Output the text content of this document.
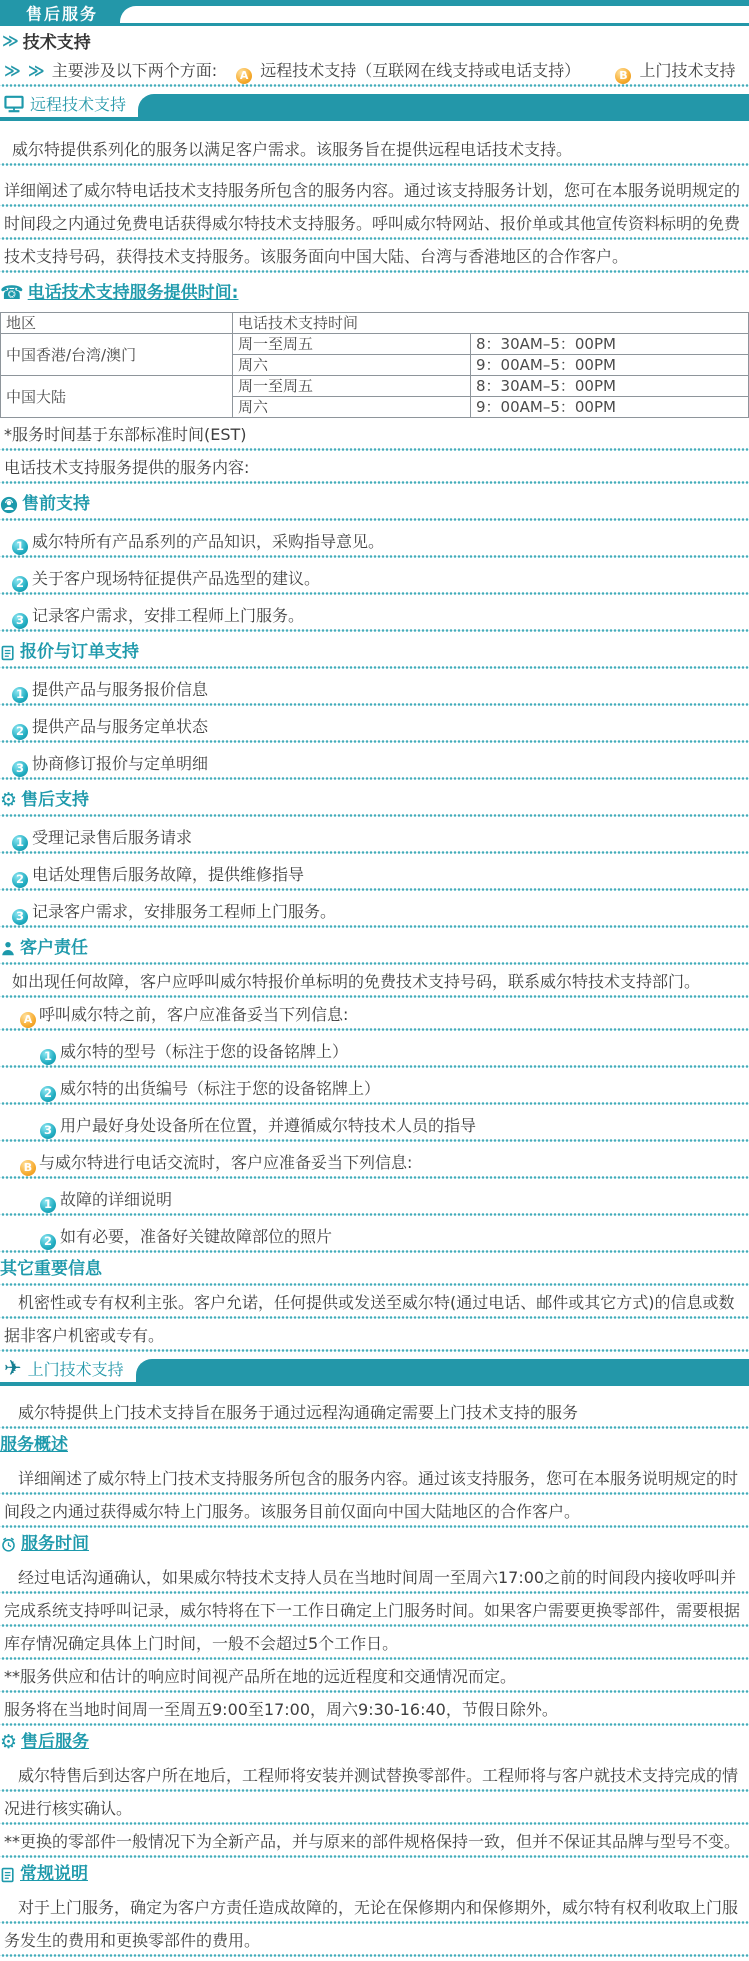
售后服务
≫ 技术支持
≫ ≫ 主要涉及以下两个方面: A 远程技术支持（互联网在线支持或电话支持）	B 上门技术支持
远程技术支持

威尔特提供系列化的服务以满足客户需求。该服务旨在提供远程电话技术支持。

详细阐述了威尔特电话技术支持服务所包含的服务内容。通过该支持服务计划，您可在本服务说明规定的时间段之内通过免费电话获得威尔特技术支持服务。呼叫威尔特网站、报价单或其他宣传资料标明的免费技术支持号码，获得技术支持服务。该服务面向中国大陆、台湾与香港地区的合作客户。

☎ 电话技术支持服务提供时间:
地区	电话技术支持时间	
中国香港/台湾/澳门	周一至周五	8：30AM–5：00PM
	周六	9：00AM–5：00PM
中国大陆	周一至周五	8：30AM–5：00PM
	周六	9：00AM–5：00PM

*服务时间基于东部标准时间(EST)

电话技术支持服务提供的服务内容:

售前支持
1 威尔特所有产品系列的产品知识，采购指导意见。
2 关于客户现场特征提供产品选型的建议。
3 记录客户需求，安排工程师上门服务。
报价与订单支持
1 提供产品与服务报价信息
2 提供产品与服务定单状态
3 协商修订报价与定单明细
⚙ 售后支持
1 受理记录售后服务请求
2 电话处理售后服务故障，提供维修指导
3 记录客户需求，安排服务工程师上门服务。
客户责任

如出现任何故障，客户应呼叫威尔特报价单标明的免费技术支持号码，联系威尔特技术支持部门。

A 呼叫威尔特之前，客户应准备妥当下列信息:
1 威尔特的型号（标注于您的设备铭牌上）
2 威尔特的出货编号（标注于您的设备铭牌上）
3 用户最好身处设备所在位置，并遵循威尔特技术人员的指导
B 与威尔特进行电话交流时，客户应准备妥当下列信息:
1 故障的详细说明
2 如有必要，准备好关键故障部位的照片
其它重要信息

机密性或专有权利主张。客户允诺，任何提供或发送至威尔特(通过电话、邮件或其它方式)的信息或数据非客户机密或专有。

✈ 上门技术支持

威尔特提供上门技术支持旨在服务于通过远程沟通确定需要上门技术支持的服务

服务概述

详细阐述了威尔特上门技术支持服务所包含的服务内容。通过该支持服务，您可在本服务说明规定的时间段之内通过获得威尔特上门服务。该服务目前仅面向中国大陆地区的合作客户。

服务时间

经过电话沟通确认，如果威尔特技术支持人员在当地时间周一至周六17:00之前的时间段内接收呼叫并完成系统支持呼叫记录，威尔特将在下一工作日确定上门服务时间。如果客户需要更换零部件，需要根据库存情况确定具体上门时间，一般不会超过5个工作日。

**服务供应和估计的响应时间视产品所在地的远近程度和交通情况而定。

服务将在当地时间周一至周五9:00至17:00，周六9:30-16:40，节假日除外。

⚙ 售后服务

威尔特售后到达客户所在地后，工程师将安装并测试替换零部件。工程师将与客户就技术支持完成的情况进行核实确认。

**更换的零部件一般情况下为全新产品，并与原来的部件规格保持一致，但并不保证其品牌与型号不变。

常规说明

对于上门服务，确定为客户方责任造成故障的，无论在保修期内和保修期外，威尔特有权利收取上门服务发生的费用和更换零部件的费用。
